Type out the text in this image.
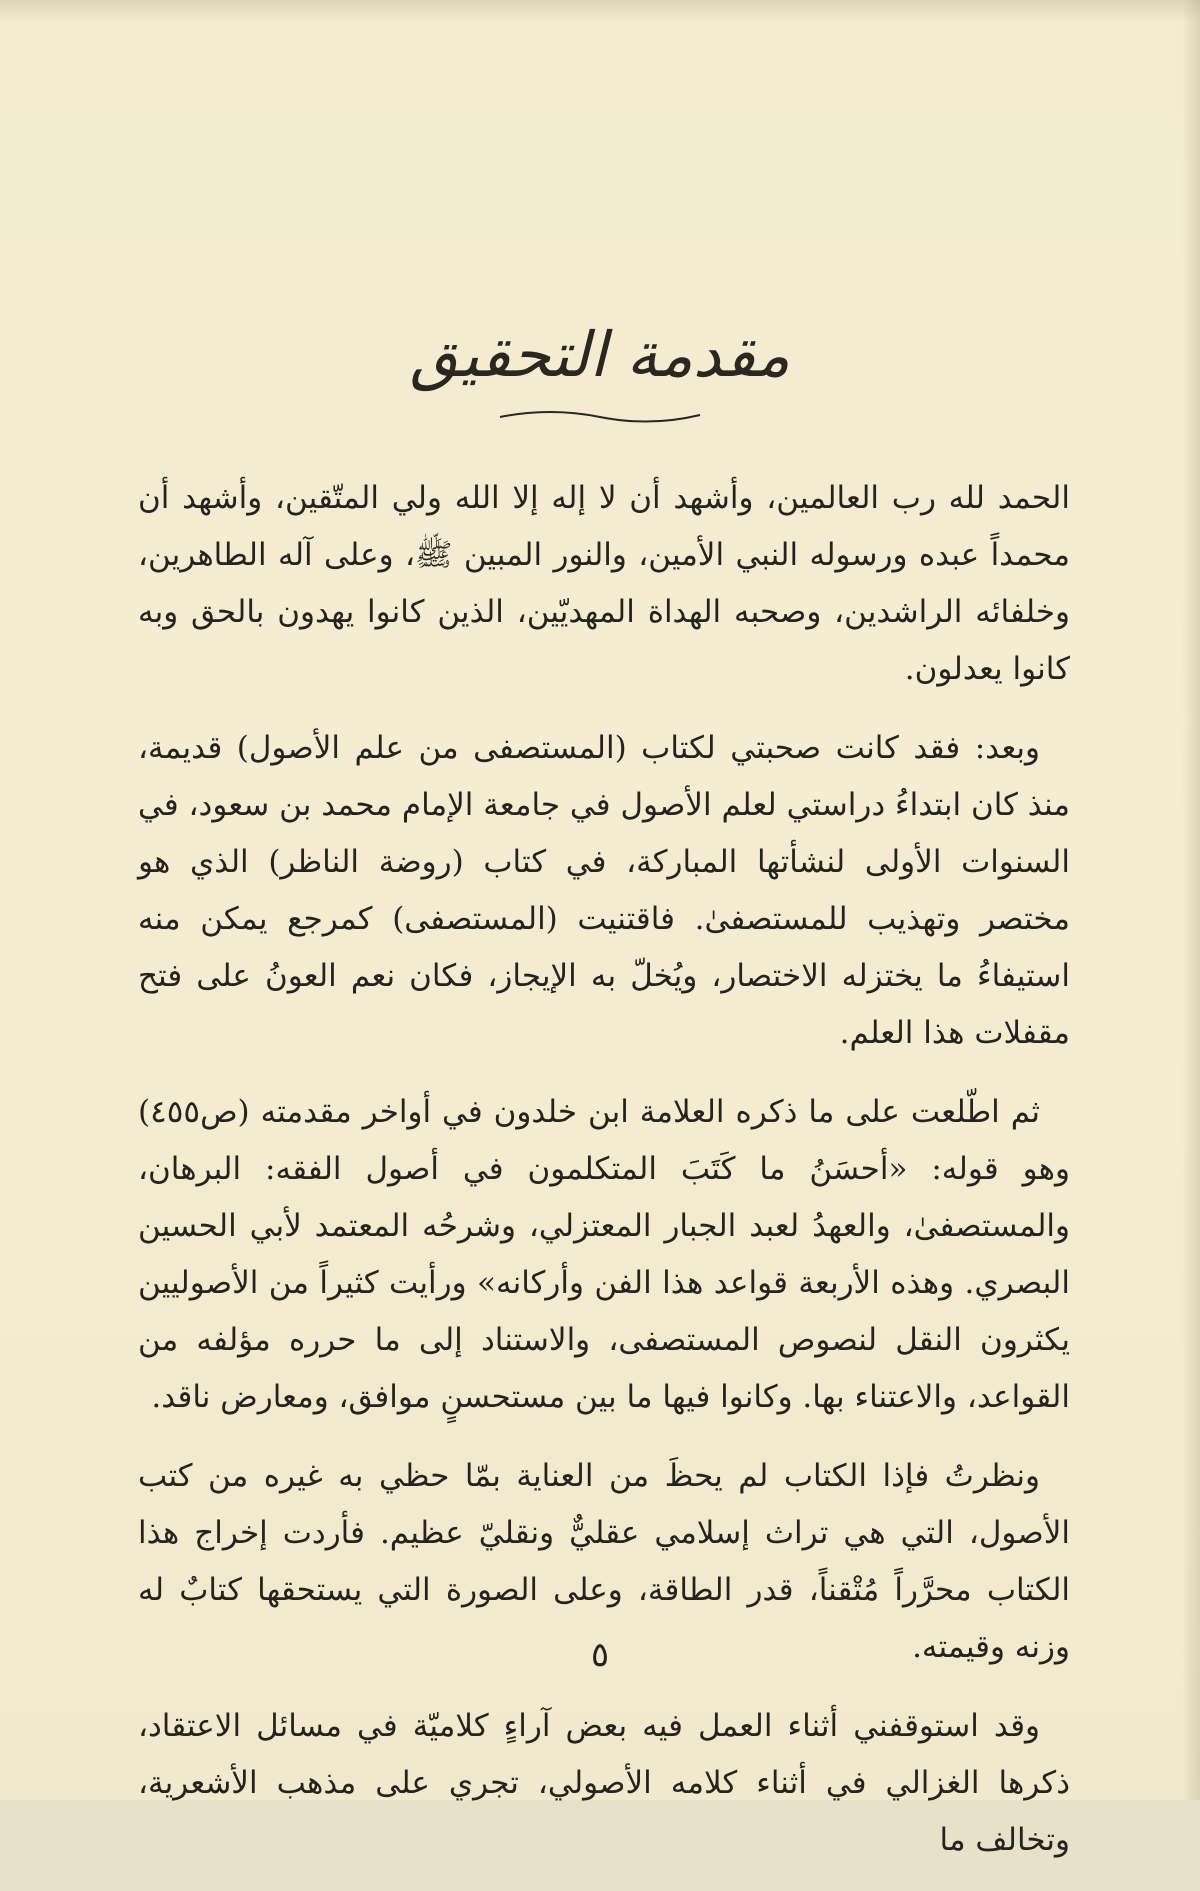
مقدمة التحقيق

الحمد لله رب العالمين، وأشهد أن لا إله إلا الله ولي المتّقين، وأشهد أن محمداً عبده ورسوله النبي الأمين، والنور المبين ﷺ، وعلى آله الطاهرين، وخلفائه الراشدين، وصحبه الهداة المهديّين، الذين كانوا يهدون بالحق وبه كانوا يعدلون.

وبعد: فقد كانت صحبتي لكتاب (المستصفى من علم الأصول) قديمة، منذ كان ابتداءُ دراستي لعلم الأصول في جامعة الإمام محمد بن سعود، في السنوات الأولى لنشأتها المباركة، في كتاب (روضة الناظر) الذي هو مختصر وتهذيب للمستصفىٰ. فاقتنيت (المستصفى) كمرجع يمكن منه استيفاءُ ما يختزله الاختصار، ويُخلّ به الإيجاز، فكان نعم العونُ على فتح مقفلات هذا العلم.

ثم اطّلعت على ما ذكره العلامة ابن خلدون في أواخر مقدمته (ص٤٥٥) وهو قوله: «أحسَنُ ما كَتَبَ المتكلمون في أصول الفقه: البرهان، والمستصفىٰ، والعهدُ لعبد الجبار المعتزلي، وشرحُه المعتمد لأبي الحسين البصري. وهذه الأربعة قواعد هذا الفن وأركانه» ورأيت كثيراً من الأصوليين يكثرون النقل لنصوص المستصفى، والاستناد إلى ما حرره مؤلفه من القواعد، والاعتناء بها. وكانوا فيها ما بين مستحسنٍ موافق، ومعارض ناقد.

ونظرتُ فإذا الكتاب لم يحظَ من العناية بمّا حظي به غيره من كتب الأصول، التي هي تراث إسلامي عقليٌّ ونقليّ عظيم. فأردت إخراج هذا الكتاب محرَّراً مُتْقناً، قدر الطاقة، وعلى الصورة التي يستحقها كتابٌ له وزنه وقيمته.

وقد استوقفني أثناء العمل فيه بعض آراءٍ كلاميّة في مسائل الاعتقاد، ذكرها الغزالي في أثناء كلامه الأصولي، تجري على مذهب الأشعرية، وتخالف ما

٥
